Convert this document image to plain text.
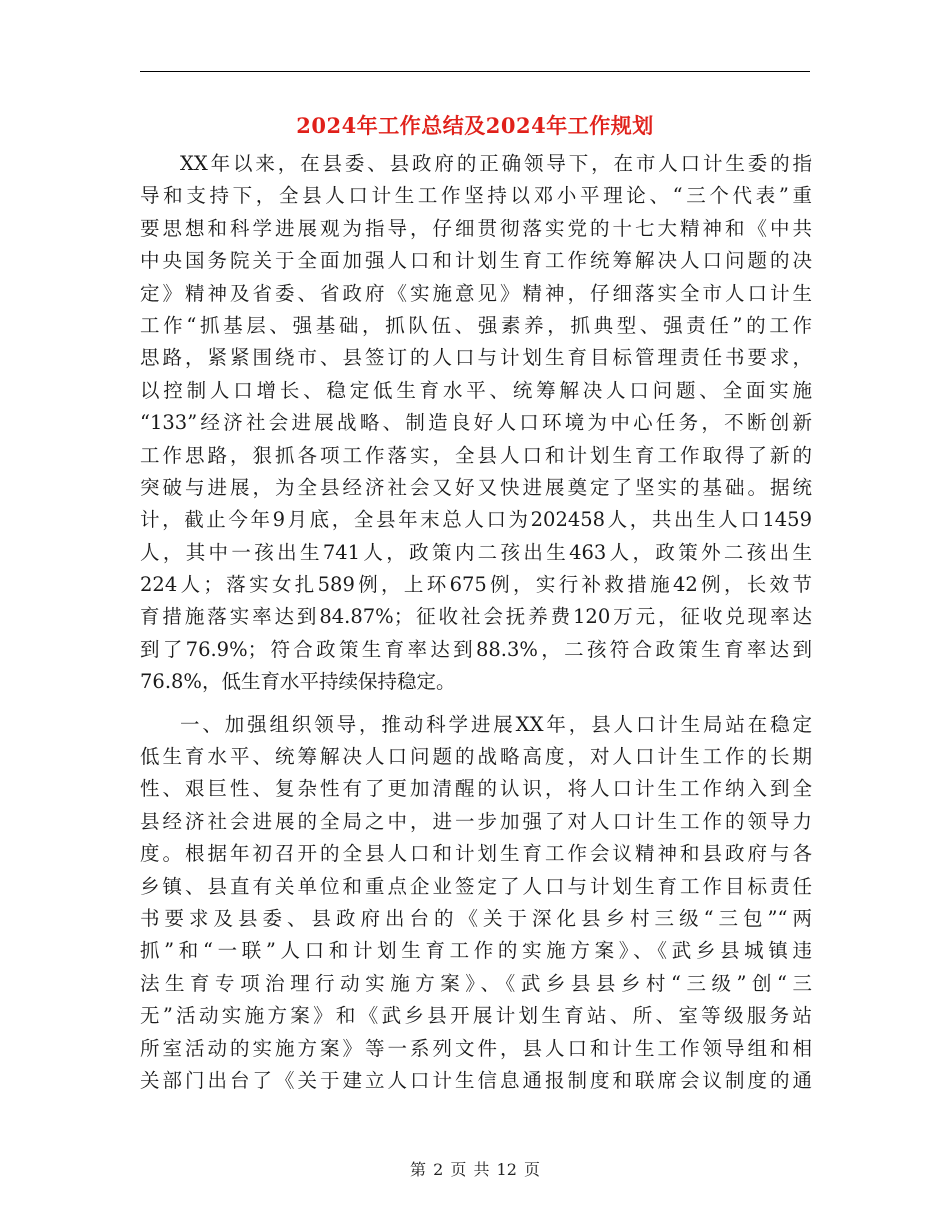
2024年工作总结及2024年工作规划
XX年以来，在县委、县政府的正确领导下，在市人口计生委的指
导和支持下，全县人口计生工作坚持以邓小平理论、“三个代表”重
要思想和科学进展观为指导，仔细贯彻落实党的十七大精神和《中共
中央国务院关于全面加强人口和计划生育工作统筹解决人口问题的决
定》精神及省委、省政府《实施意见》精神，仔细落实全市人口计生
工作“抓基层、强基础，抓队伍、强素养，抓典型、强责任”的工作
思路，紧紧围绕市、县签订的人口与计划生育目标管理责任书要求，
以控制人口增长、稳定低生育水平、统筹解决人口问题、全面实施
“133”经济社会进展战略、制造良好人口环境为中心任务，不断创新
工作思路，狠抓各项工作落实，全县人口和计划生育工作取得了新的
突破与进展，为全县经济社会又好又快进展奠定了坚实的基础。据统
计，截止今年9月底，全县年末总人口为202458人，共出生人口1459
人，其中一孩出生741人，政策内二孩出生463人，政策外二孩出生
224人；落实女扎589例，上环675例，实行补救措施42例，长效节
育措施落实率达到84.87%；征收社会抚养费120万元，征收兑现率达
到了76.9%；符合政策生育率达到88.3%，二孩符合政策生育率达到
76.8%，低生育水平持续保持稳定。
一、加强组织领导，推动科学进展XX年，县人口计生局站在稳定
低生育水平、统筹解决人口问题的战略高度，对人口计生工作的长期
性、艰巨性、复杂性有了更加清醒的认识，将人口计生工作纳入到全
县经济社会进展的全局之中，进一步加强了对人口计生工作的领导力
度。根据年初召开的全县人口和计划生育工作会议精神和县政府与各
乡镇、县直有关单位和重点企业签定了人口与计划生育工作目标责任
书要求及县委、县政府出台的《关于深化县乡村三级“三包”“两
抓”和“一联”人口和计划生育工作的实施方案》、《武乡县城镇违
法生育专项治理行动实施方案》、《武乡县县乡村“三级”创“三
无”活动实施方案》和《武乡县开展计划生育站、所、室等级服务站
所室活动的实施方案》等一系列文件，县人口和计生工作领导组和相
关部门出台了《关于建立人口计生信息通报制度和联席会议制度的通
第 2 页 共 12 页
